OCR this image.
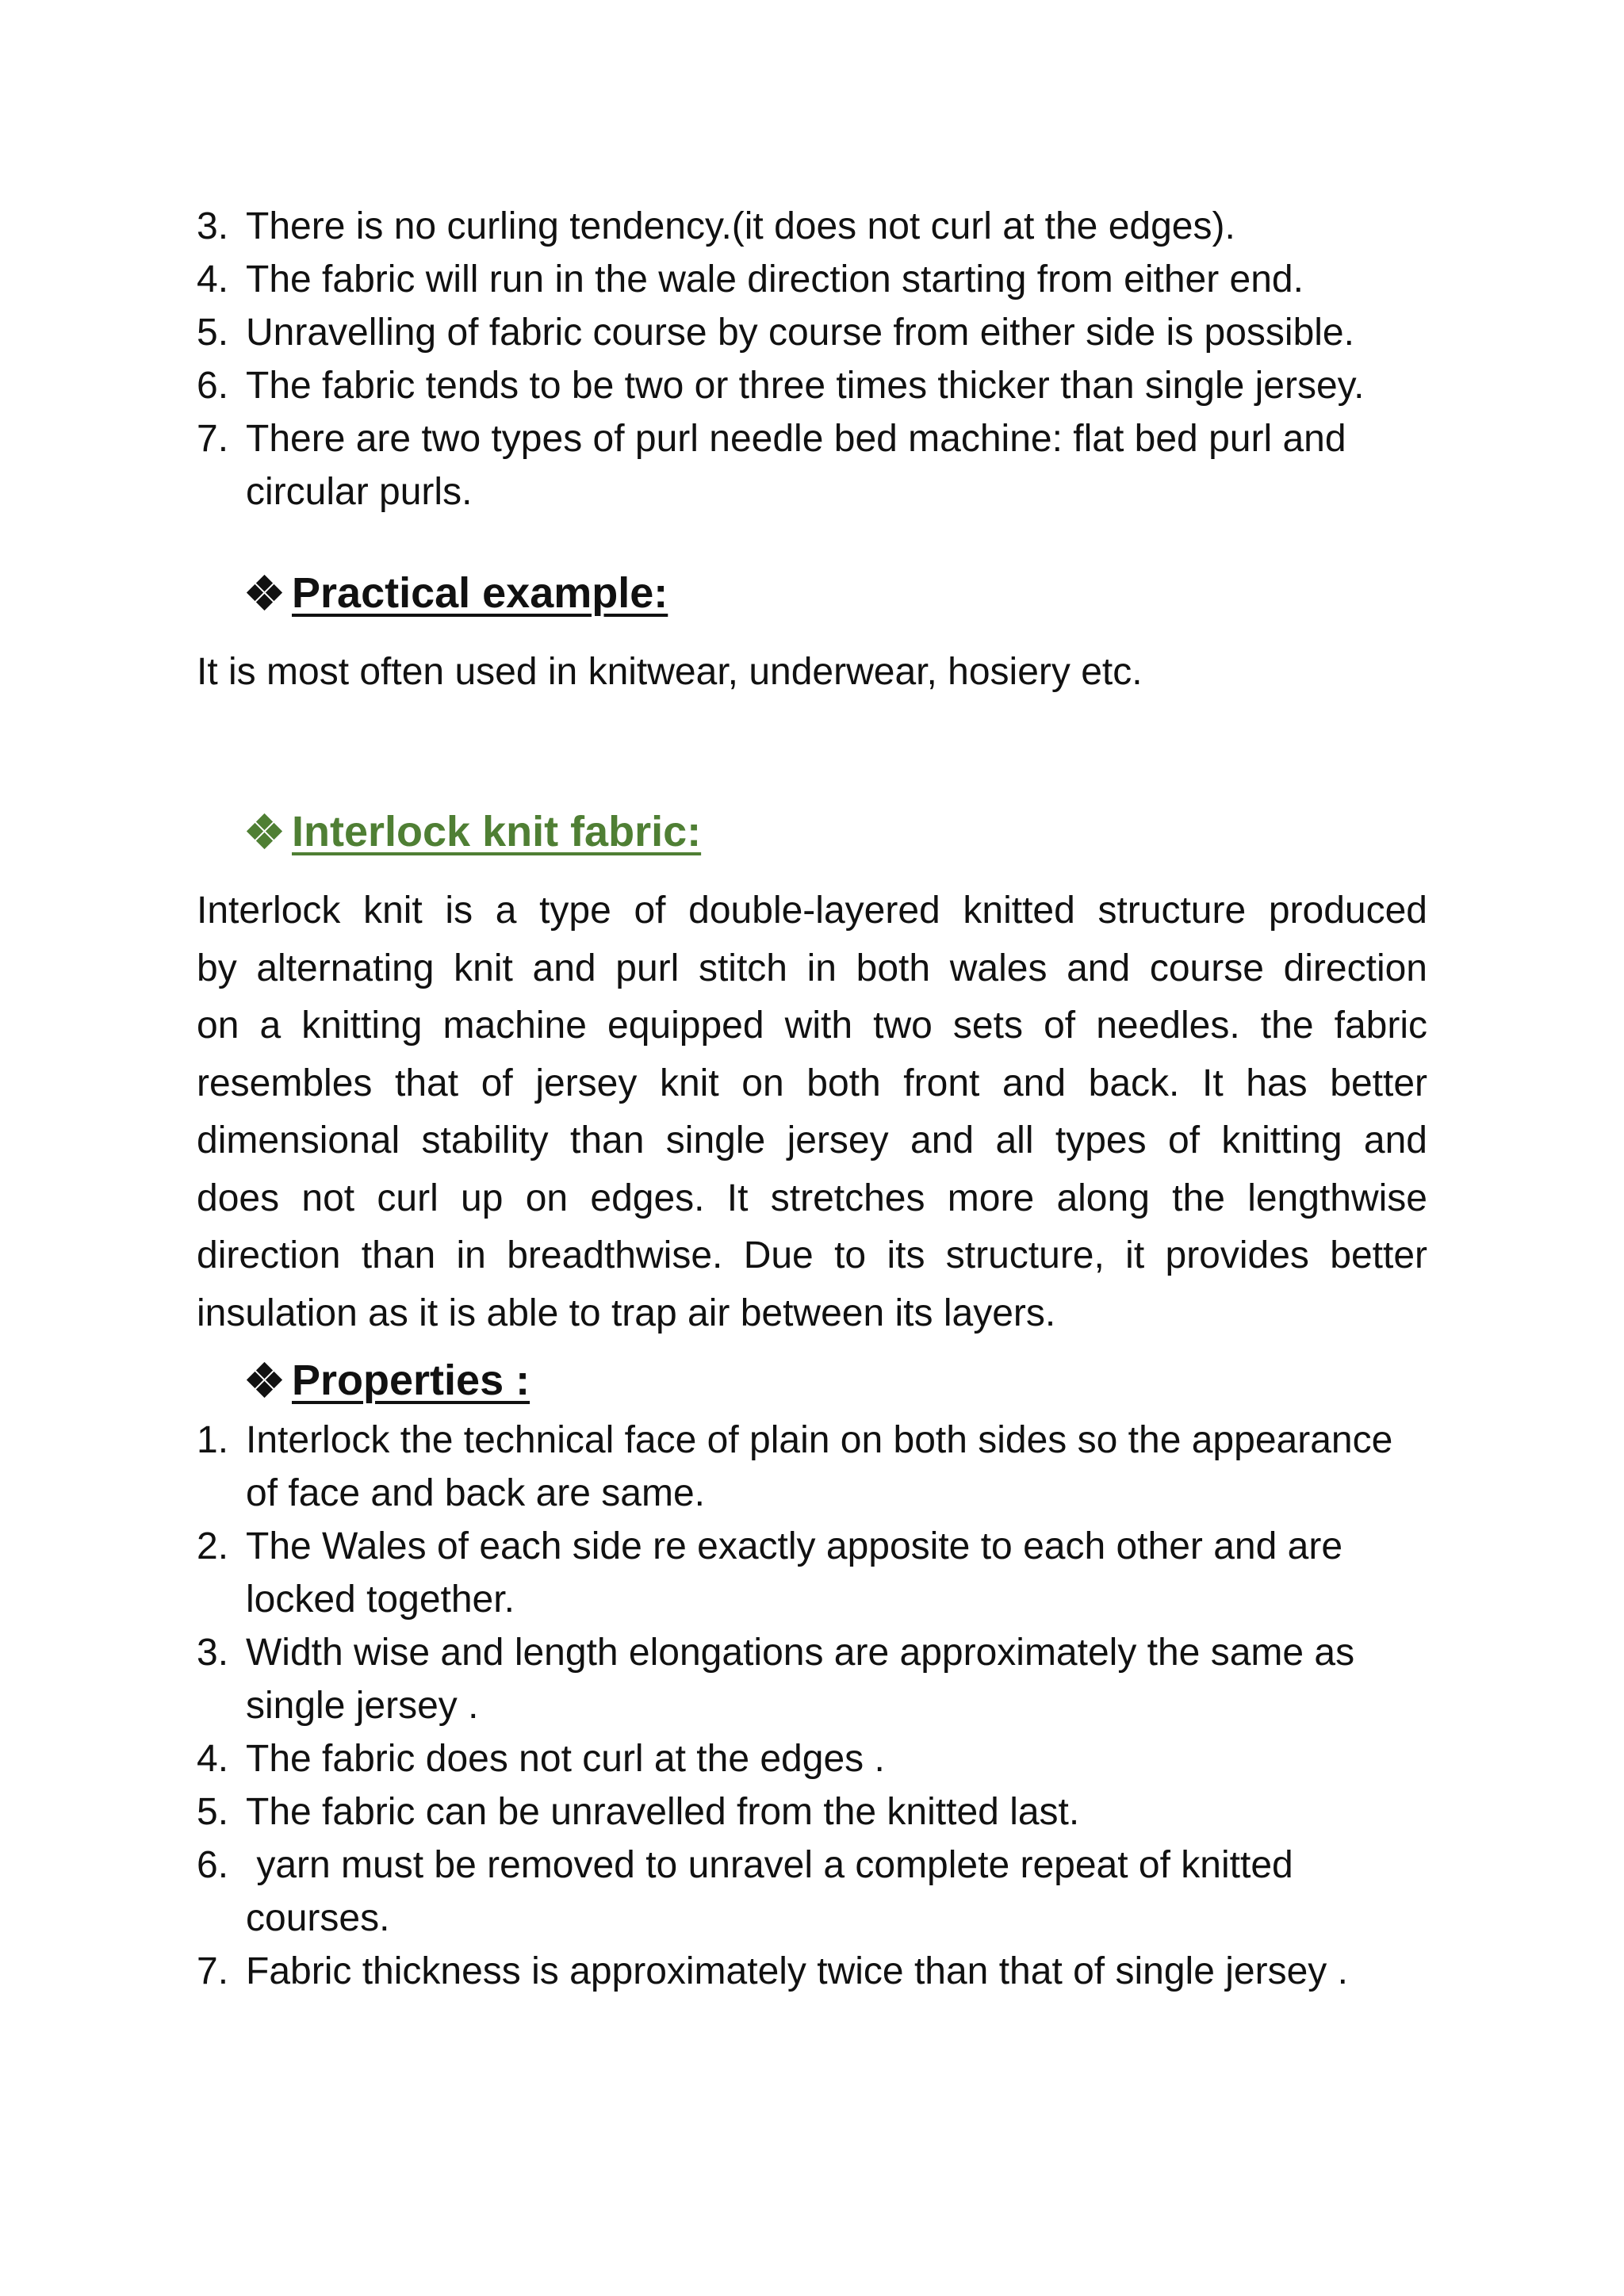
3. There is no curling tendency.(it does not curl at the edges).
4. The fabric will run in the wale direction starting from either end.
5. Unravelling of fabric course by course from either side is possible.
6. The fabric tends to be two or three times thicker than single jersey.
7. There are two types of purl needle bed machine: flat bed purl and
circular purls.
Practical example:

It is most often used in knitwear, underwear, hosiery etc.

Interlock knit fabric:

Interlock knit is a type of double-layered knitted structure produced

by alternating knit and purl stitch in both wales and course direction

on a knitting machine equipped with two sets of needles. the fabric

resembles that of jersey knit on both front and back. It has better

dimensional stability than single jersey and all types of knitting and

does not curl up on edges. It stretches more along the lengthwise

direction than in breadthwise. Due to its structure, it provides better

insulation as it is able to trap air between its layers.

Properties :
1. Interlock the technical face of plain on both sides so the appearance
of face and back are same.
2. The Wales of each side re exactly apposite to each other and are
locked together.
3. Width wise and length elongations are approximately the same as
single jersey .
4. The fabric does not curl at the edges .
5. The fabric can be unravelled from the knitted last.
6. yarn must be removed to unravel a complete repeat of knitted
courses.
7. Fabric thickness is approximately twice than that of single jersey .
